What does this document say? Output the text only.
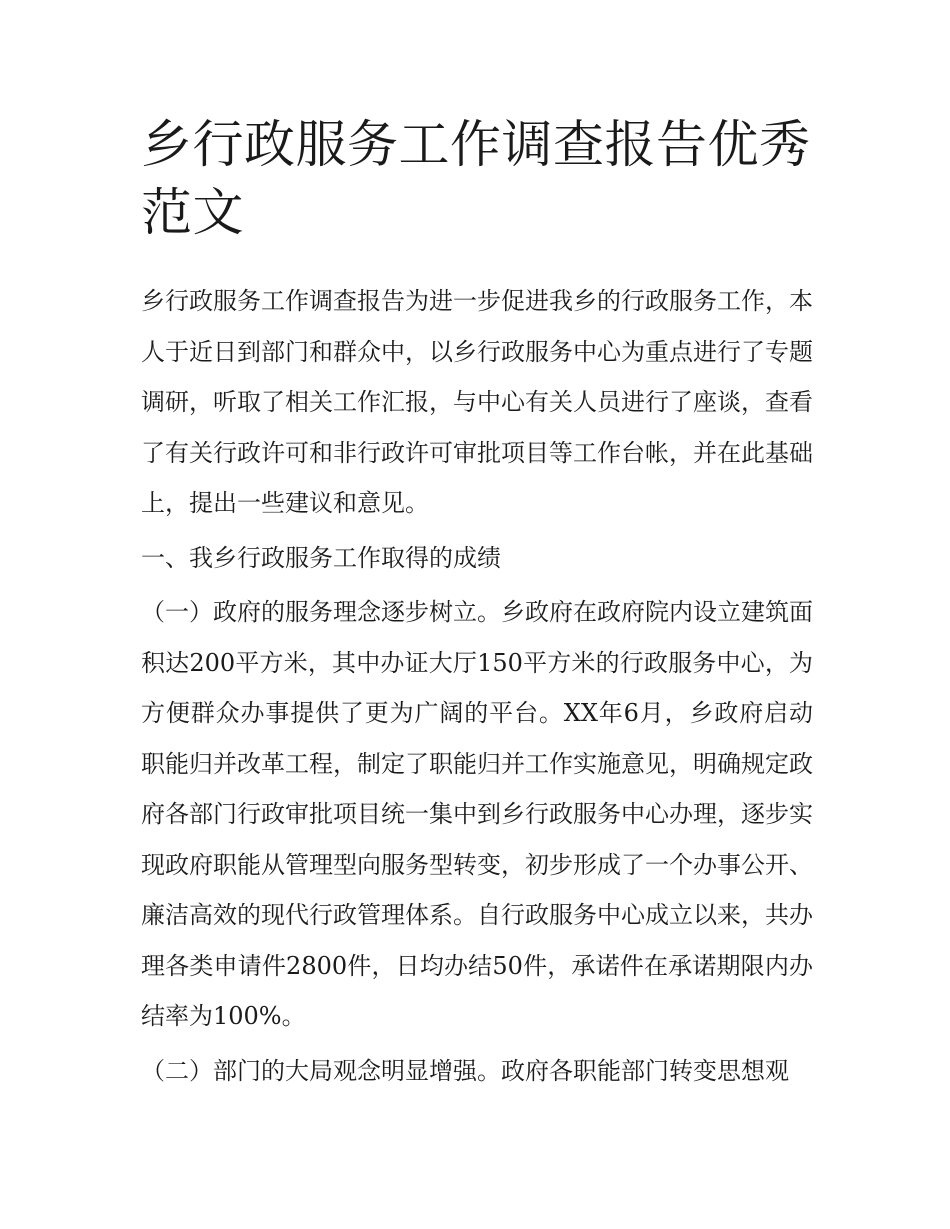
乡行政服务工作调查报告优秀范文

乡行政服务工作调查报告为进一步促进我乡的行政服务工作，本人于近日到部门和群众中，以乡行政服务中心为重点进行了专题调研，听取了相关工作汇报，与中心有关人员进行了座谈，查看了有关行政许可和非行政许可审批项目等工作台帐，并在此基础上，提出一些建议和意见。

一、我乡行政服务工作取得的成绩

（一）政府的服务理念逐步树立。乡政府在政府院内设立建筑面积达200平方米，其中办证大厅150平方米的行政服务中心，为方便群众办事提供了更为广阔的平台。XX年6月，乡政府启动职能归并改革工程，制定了职能归并工作实施意见，明确规定政府各部门行政审批项目统一集中到乡行政服务中心办理，逐步实现政府职能从管理型向服务型转变，初步形成了一个办事公开、廉洁高效的现代行政管理体系。自行政服务中心成立以来，共办理各类申请件2800件，日均办结50件，承诺件在承诺期限内办结率为100%。

（二）部门的大局观念明显增强。政府各职能部门转变思想观
